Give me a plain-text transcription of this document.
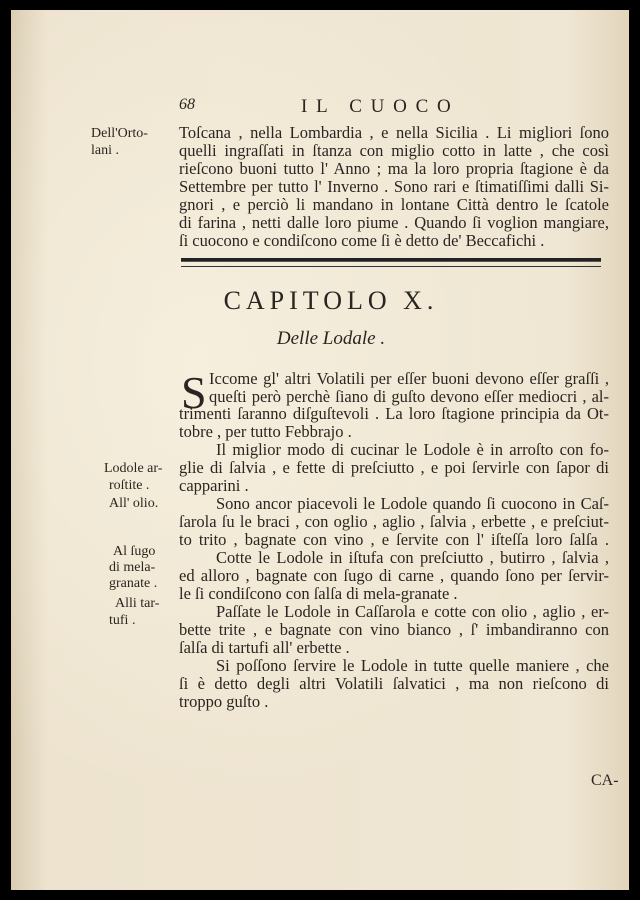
68	I L   C U O C O
Dell'Orto-
lani .
Toſcana , nella Lombardia , e nella Sicilia . Li migliori ſono
quelli ingraſſati in ſtanza con miglio cotto in latte , che così
rieſcono buoni tutto l' Anno ; ma la loro propria ſtagione è da
Settembre per tutto l' Inverno . Sono rari e ſtimatiſſimi dalli Si-
gnori , e perciò li mandano in lontane Città dentro le ſcatole
di farina , netti dalle loro piume . Quando ſi voglion mangiare,
ſi cuocono e condiſcono come ſi è detto de' Beccafichi .
CAPITOLO X.
Delle Lodale .
S Iccome gl' altri Volatili per eſſer buoni devono eſſer graſſi ,
queſti però perchè ſiano di guſto devono eſſer mediocri , al-
trimenti ſaranno diſguſtevoli . La loro ſtagione principia da Ot-
tobre , per tutto Febbrajo .
Il miglior modo di cucinar le Lodole è in arroſto con fo-
glie di ſalvia , e fette di preſciutto , e poi ſervirle con ſapor di
capparini .
Sono ancor piacevoli le Lodole quando ſi cuocono in Caſ-
ſarola ſu le braci , con oglio , aglio , ſalvia , erbette , e preſciut-
to trito , bagnate con vino , e ſervite con l' iſteſſa loro ſalſa .
Cotte le Lodole in iſtufa con preſciutto , butirro , ſalvia ,
ed alloro , bagnate con ſugo di carne , quando ſono per ſervir-
le ſi condiſcono con ſalſa di mela-granate .
Paſſate le Lodole in Caſſarola e cotte con olio , aglio , er-
bette trite , e bagnate con vino bianco , ſ' imbandiranno con
ſalſa di tartufi all' erbette .
Si poſſono ſervire le Lodole in tutte quelle maniere , che
ſi è detto degli altri Volatili ſalvatici , ma non rieſcono di
troppo guſto .
Lodole ar-
roſtite .
All' olio.
Al ſugo
di mela-
granate .
Alli tar-
tufi .
CA-
